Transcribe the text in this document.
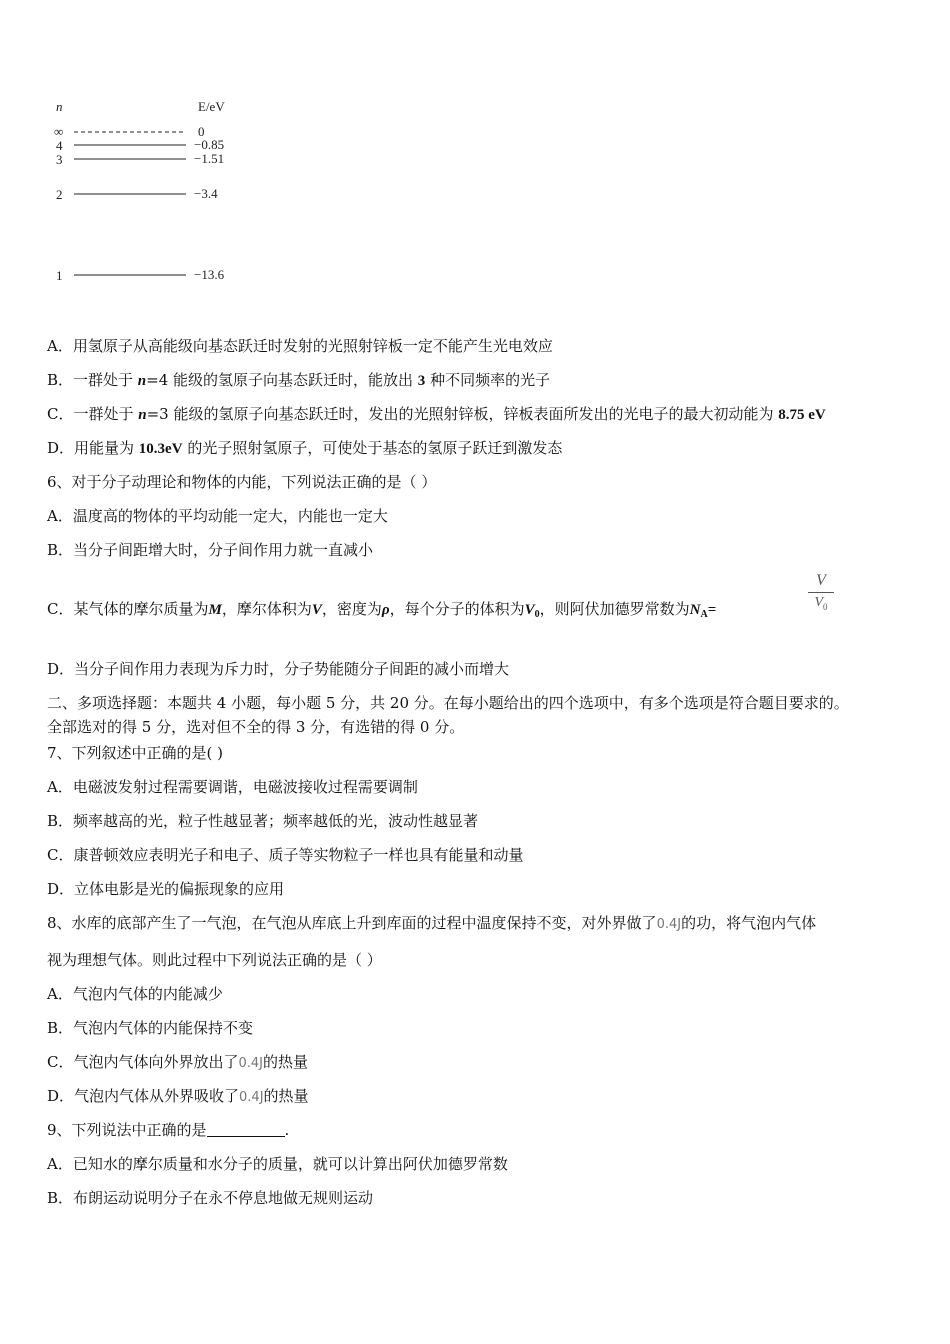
n	E/eV
∞	0
4	−0.85
3	−1.51
2	−3.4
1	−13.6
A．用氢原子从高能级向基态跃迁时发射的光照射锌板一定不能产生光电效应
B．一群处于 n=4 能级的氢原子向基态跃迁时，能放出 3 种不同频率的光子
C．一群处于 n=3 能级的氢原子向基态跃迁时，发出的光照射锌板，锌板表面所发出的光电子的最大初动能为 8.75 eV
D．用能量为 10.3eV 的光子照射氢原子，可使处于基态的氢原子跃迁到激发态
6、对于分子动理论和物体的内能，下列说法正确的是（ ）
A．温度高的物体的平均动能一定大，内能也一定大
B．当分子间距增大时，分子间作用力就一直减小
C．某气体的摩尔质量为M，摩尔体积为V，密度为ρ，每个分子的体积为$V_0$，则阿伏加德罗常数为$N_A=$
V
$V_0$
D．当分子间作用力表现为斥力时，分子势能随分子间距的减小而增大
二、多项选择题：本题共 4 小题，每小题 5 分，共 20 分。在每小题给出的四个选项中，有多个选项是符合题目要求的。
全部选对的得 5 分，选对但不全的得 3 分，有选错的得 0 分。
7、下列叙述中正确的是( )
A．电磁波发射过程需要调谐，电磁波接收过程需要调制
B．频率越高的光，粒子性越显著；频率越低的光，波动性越显著
C．康普顿效应表明光子和电子、质子等实物粒子一样也具有能量和动量
D．立体电影是光的偏振现象的应用
8、水库的底部产生了一气泡，在气泡从库底上升到库面的过程中温度保持不变，对外界做了0.4J的功，将气泡内气体
视为理想气体。则此过程中下列说法正确的是（ ）
A．气泡内气体的内能减少
B．气泡内气体的内能保持不变
C．气泡内气体向外界放出了0.4J的热量
D．气泡内气体从外界吸收了0.4J的热量
9、下列说法中正确的是	.
A．已知水的摩尔质量和水分子的质量，就可以计算出阿伏加德罗常数
B．布朗运动说明分子在永不停息地做无规则运动
